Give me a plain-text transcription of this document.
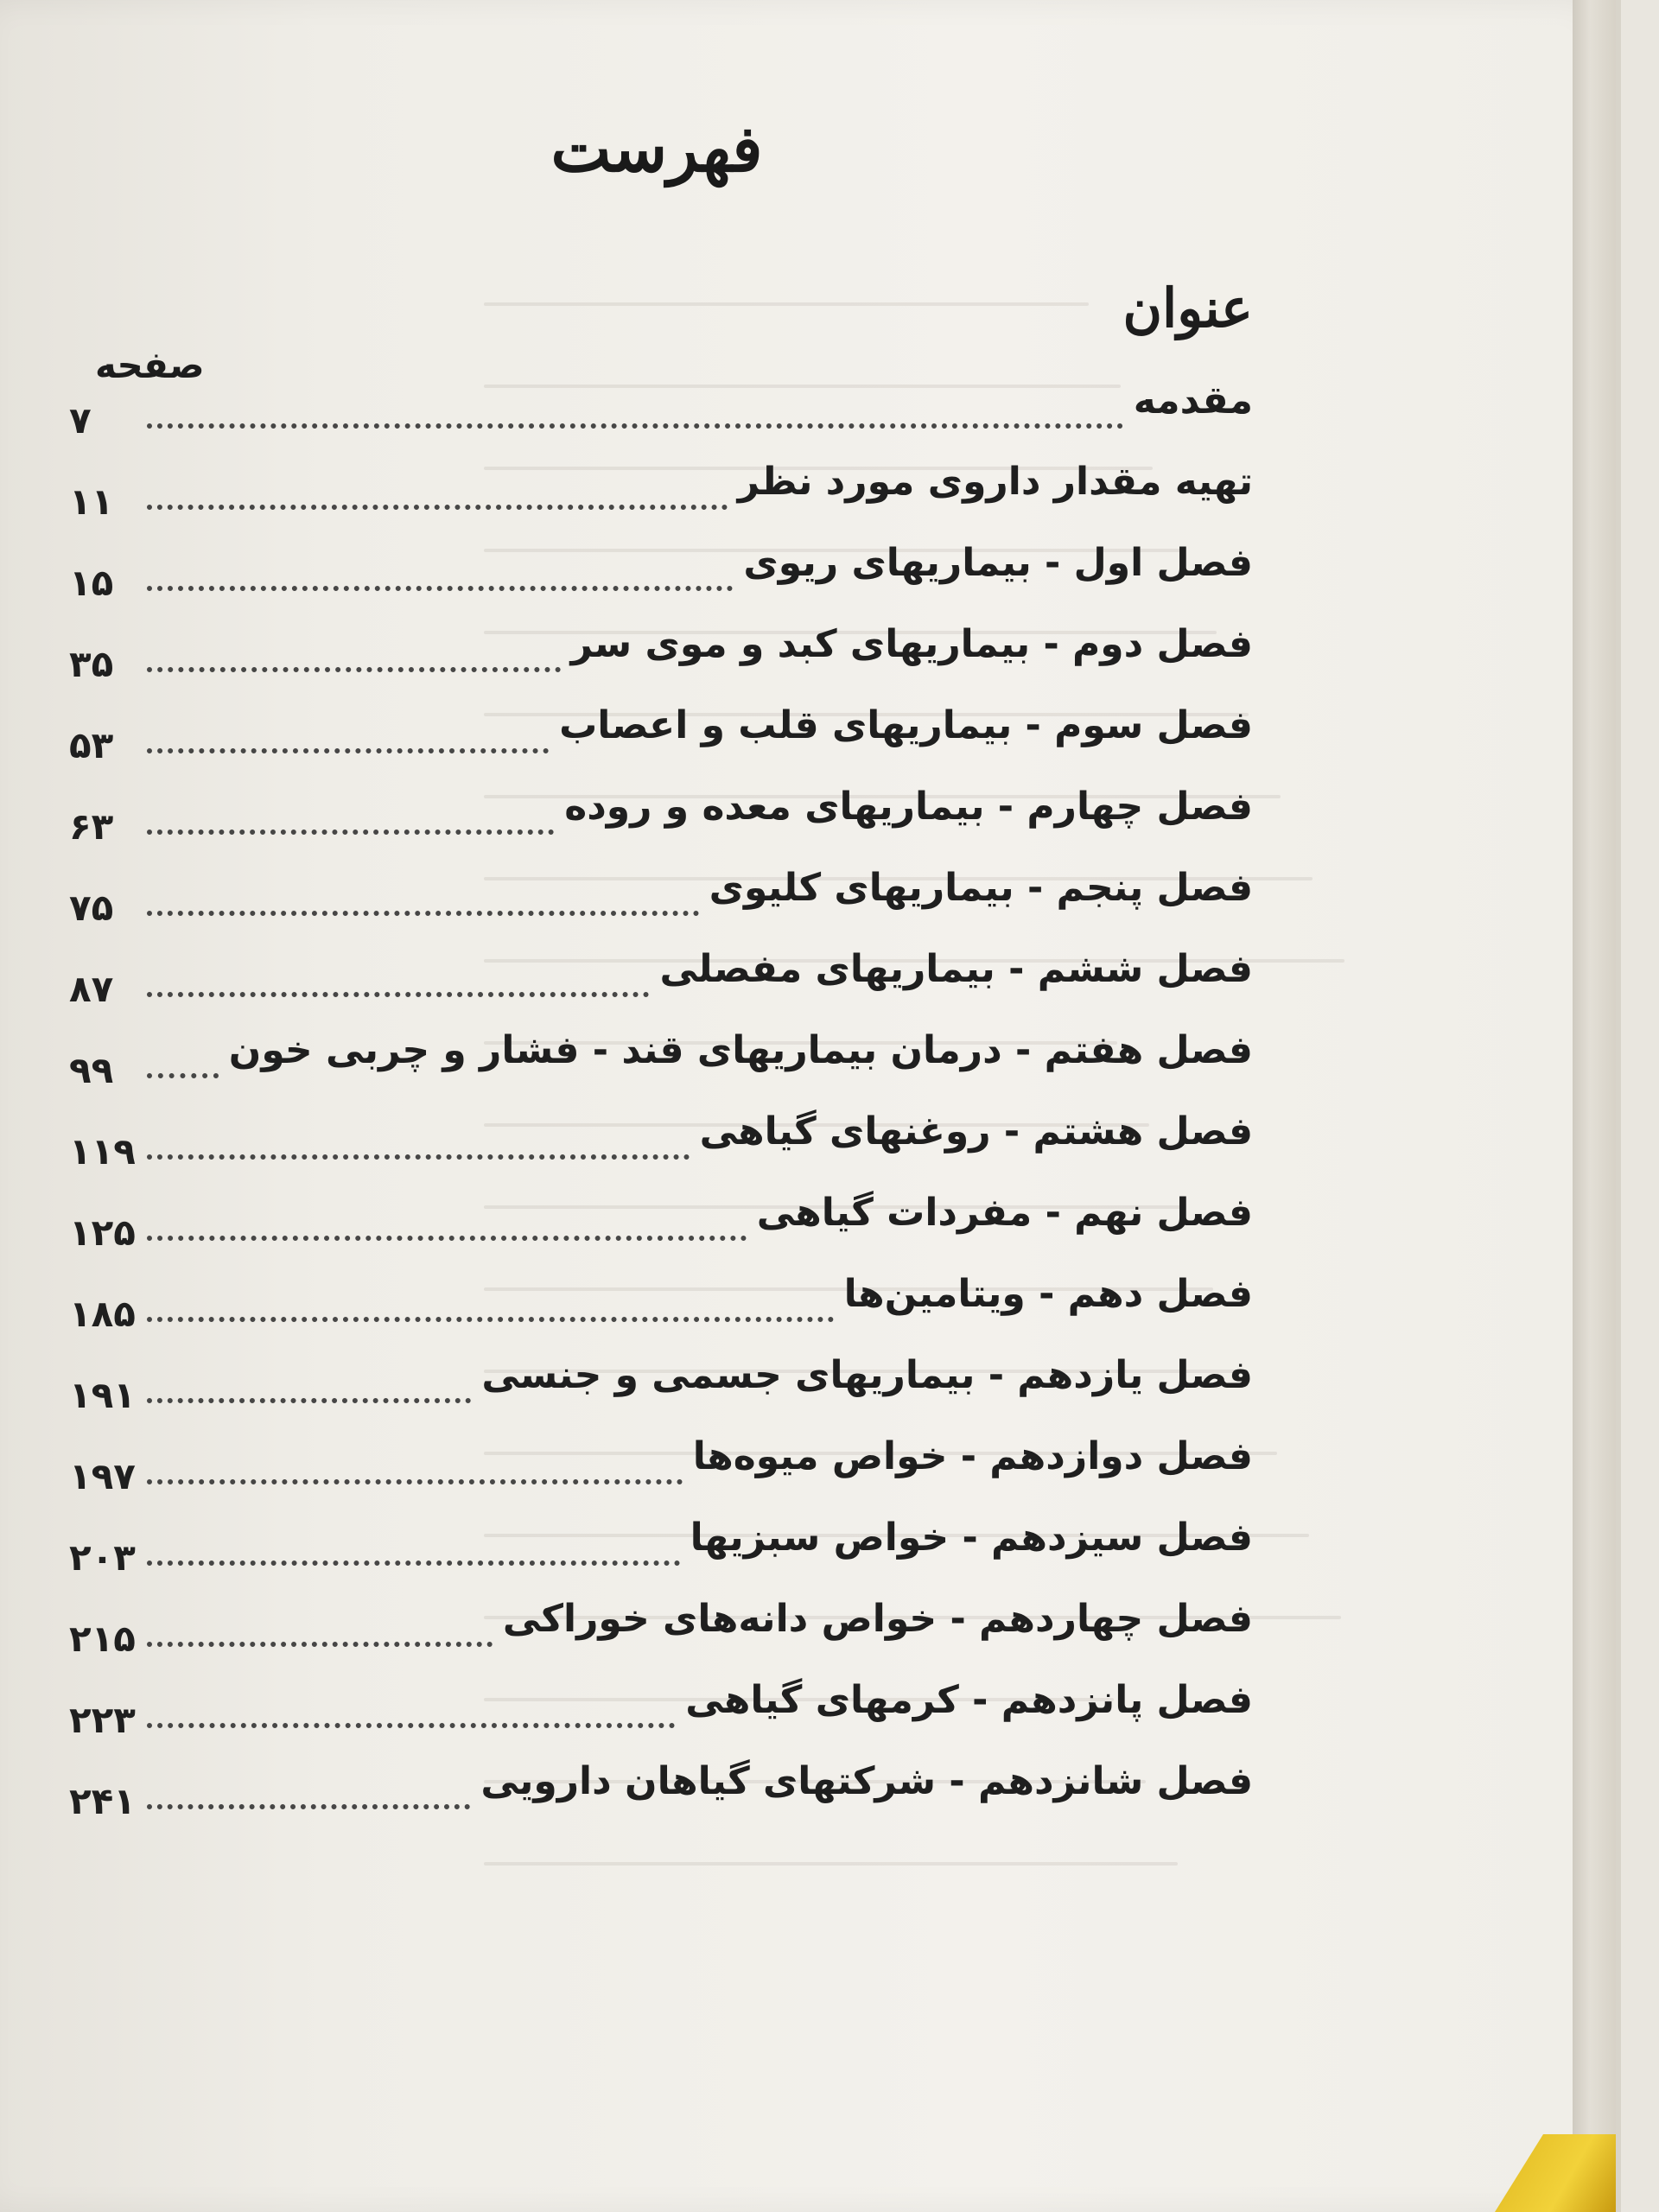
فهرست
عنوان
صفحه
مقدمه
۷
تهیه مقدار داروی مورد نظر
۱۱
فصل اول - بیماریهای ریوی
۱۵
فصل دوم - بیماریهای کبد و موی سر
۳۵
فصل سوم - بیماریهای قلب و اعصاب
۵۳
فصل چهارم - بیماریهای معده و روده
۶۳
فصل پنجم - بیماریهای کلیوی
۷۵
فصل ششم - بیماریهای مفصلی
۸۷
فصل هفتم - درمان بیماریهای قند - فشار و چربی خون
۹۹
فصل هشتم - روغنهای گیاهی
۱۱۹
فصل نهم - مفردات گیاهی
۱۲۵
فصل دهم - ویتامین‌ها
۱۸۵
فصل یازدهم - بیماریهای جسمی و جنسی
۱۹۱
فصل دوازدهم - خواص میوه‌ها
۱۹۷
فصل سیزدهم - خواص سبزیها
۲۰۳
فصل چهاردهم - خواص دانه‌های خوراکی
۲۱۵
فصل پانزدهم - کرمهای گیاهی
۲۲۳
فصل شانزدهم - شرکتهای گیاهان دارویی
۲۴۱
